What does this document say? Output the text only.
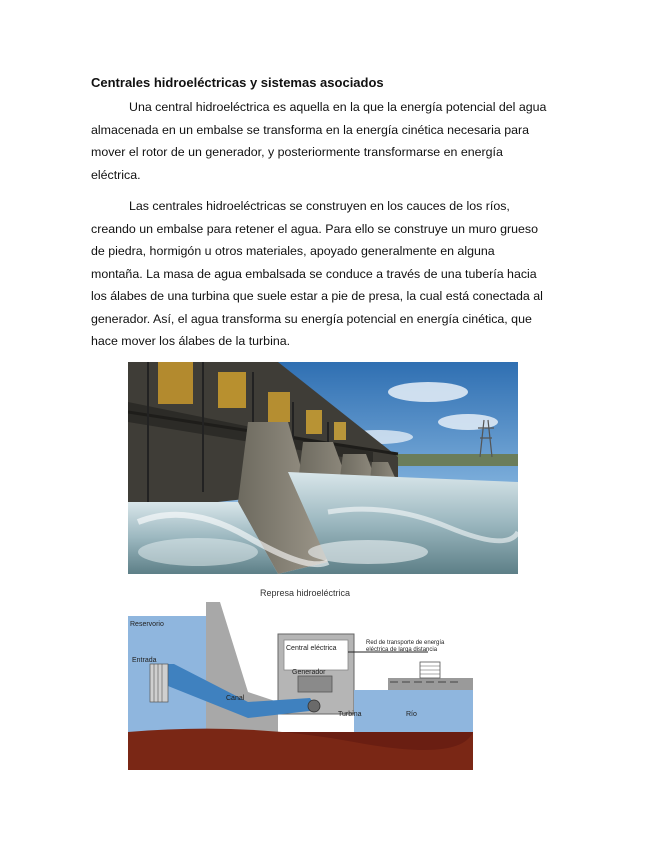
Centrales hidroeléctricas y sistemas asociados

Una central hidroeléctrica es aquella en la que la energía potencial del agua
almacenada en un embalse se transforma en la energía cinética necesaria para
mover el rotor de un generador, y posteriormente transformarse en energía
eléctrica.

Las centrales hidroeléctricas se construyen en los cauces de los ríos,
creando un embalse para retener el agua. Para ello se construye un muro grueso
de piedra, hormigón u otros materiales, apoyado generalmente en alguna
montaña. La masa de agua embalsada se conduce a través de una tubería hacia
los álabes de una turbina que suele estar a pie de presa, la cual está conectada al
generador. Así, el agua transforma su energía potencial en energía cinética, que
hace mover los álabes de la turbina.

Represa hidroeléctrica
Reservorio
Entrada
Central eléctrica
Red de transporte de energía
eléctrica de larga distancia
Generador
Canal
Turbina	Río
